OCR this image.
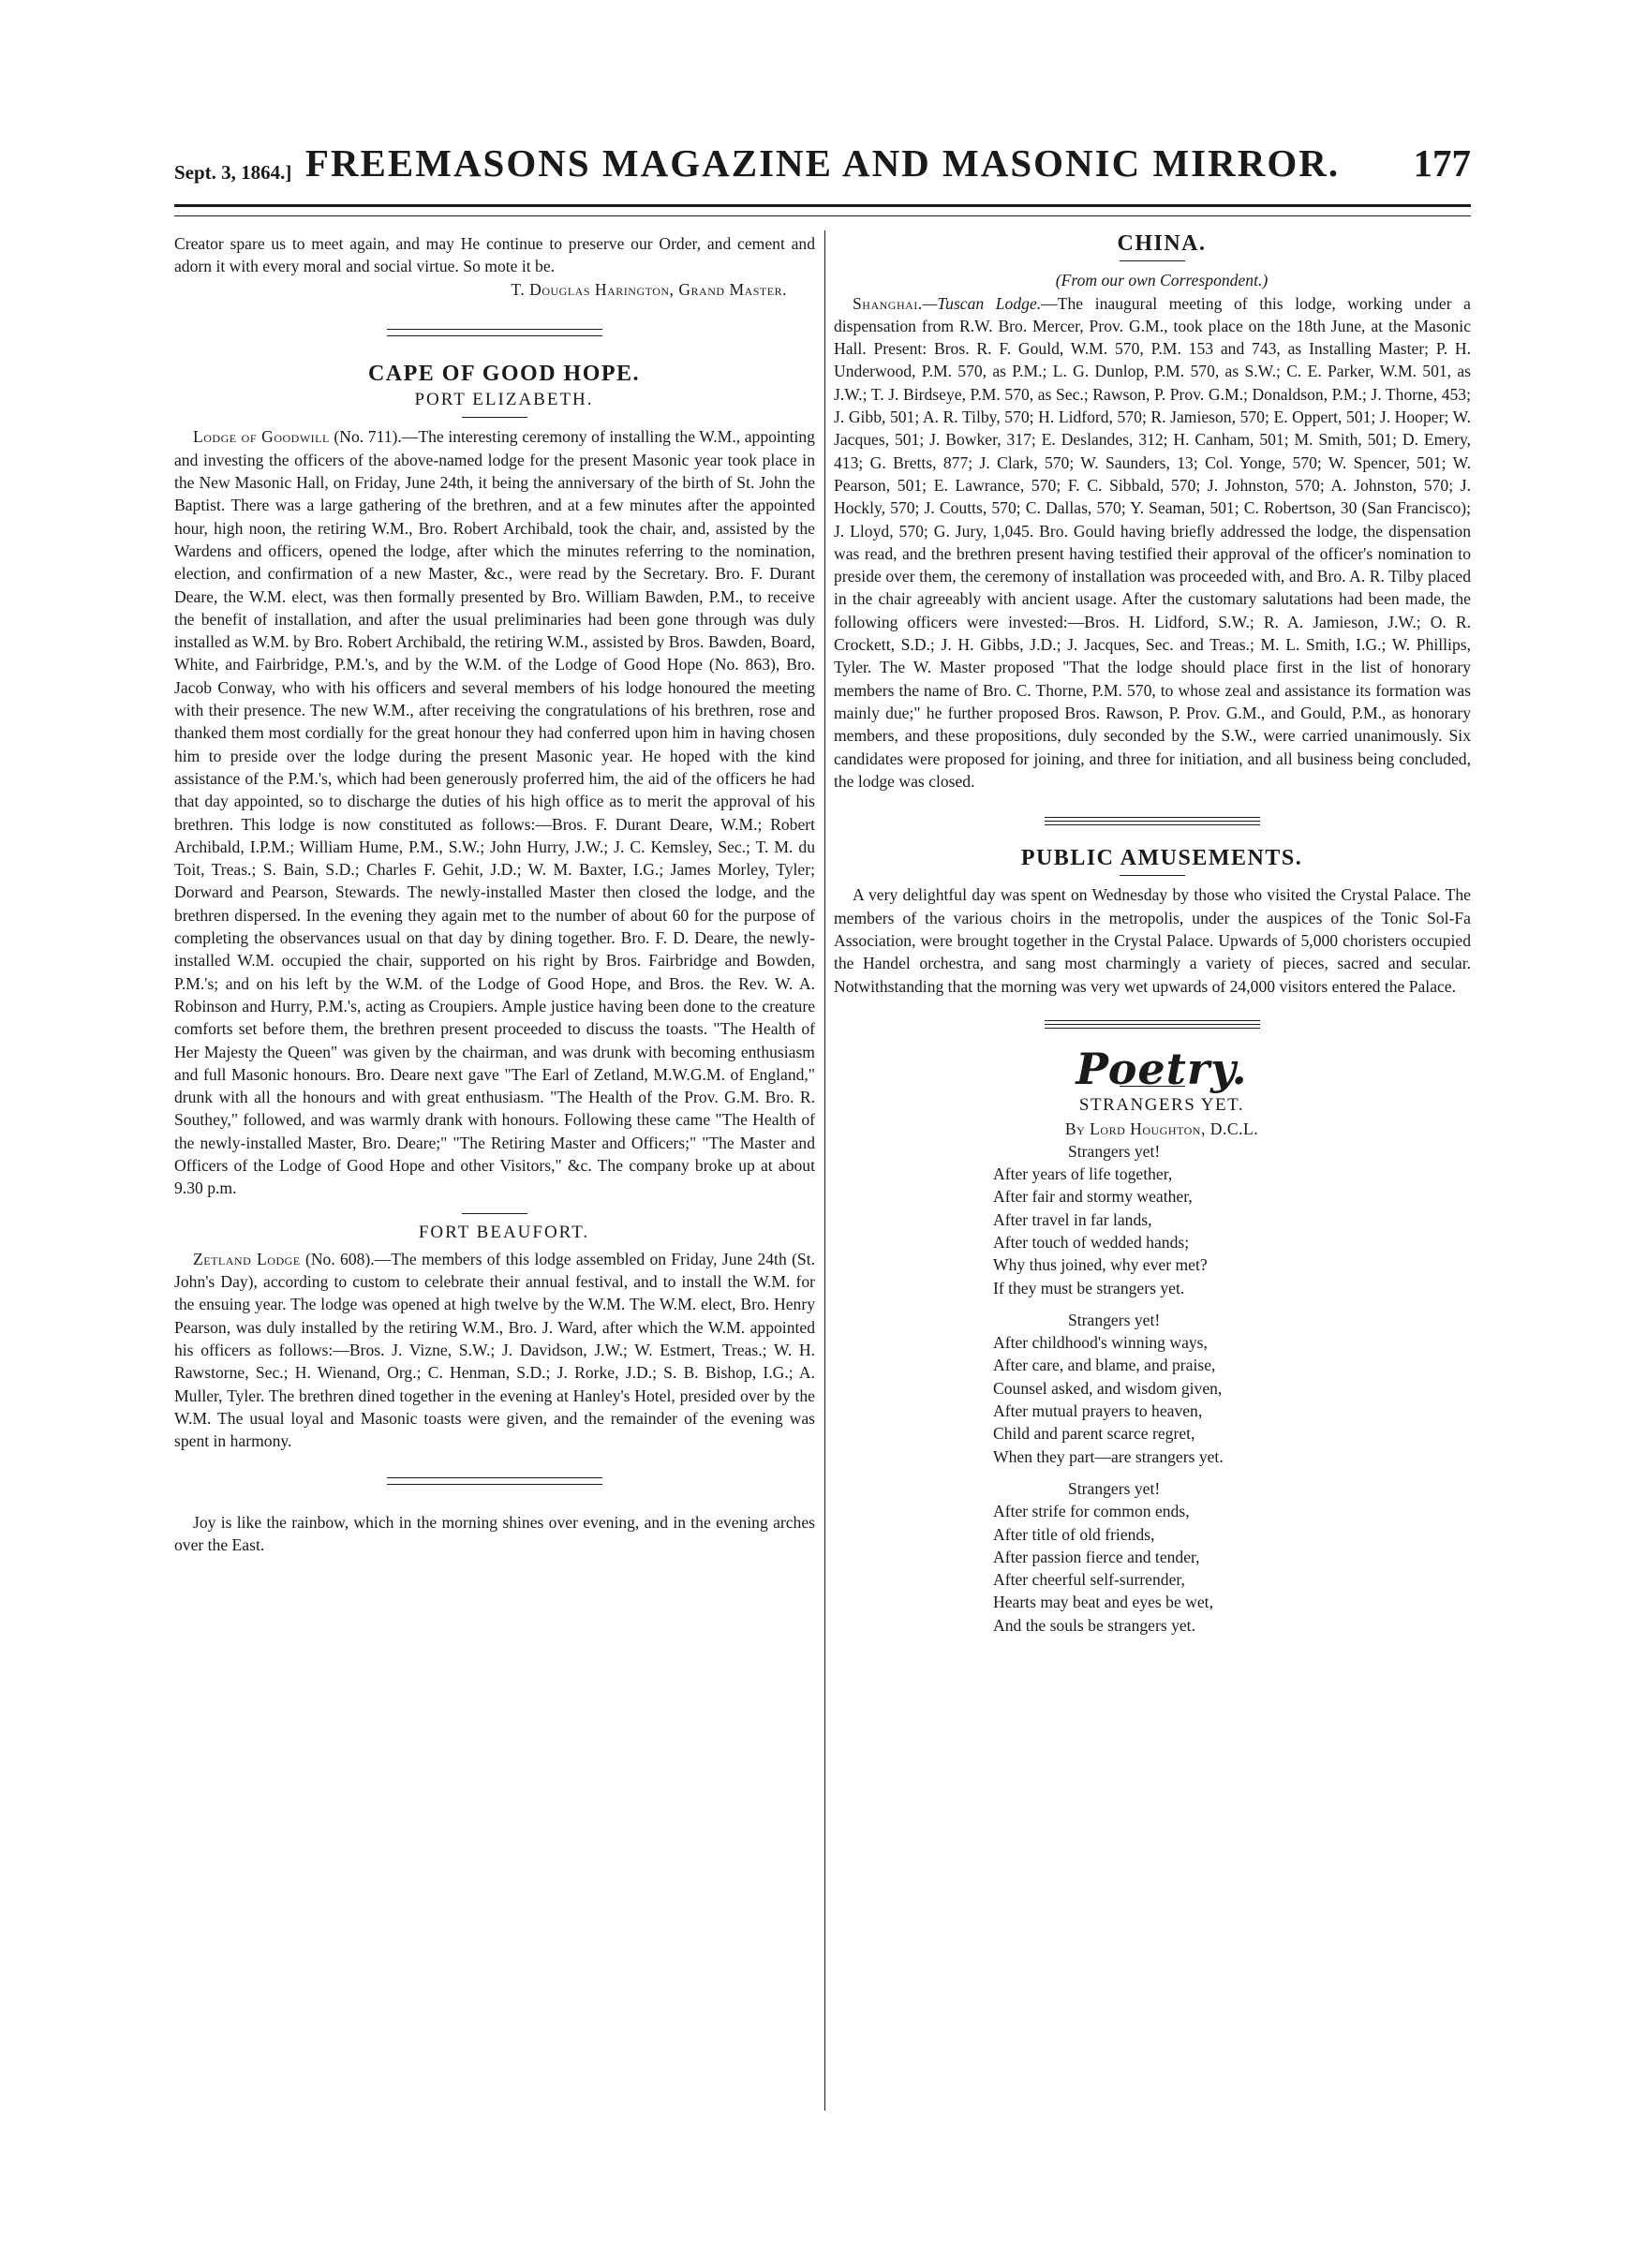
Sept. 3, 1864.] FREEMASONS MAGAZINE AND MASONIC MIRROR.	177

Creator spare us to meet again, and may He continue to preserve our Order, and cement and adorn it with every moral and social virtue. So mote it be.

T. Douglas Harington, Grand Master.

CAPE OF GOOD HOPE.

PORT ELIZABETH.

Lodge of Goodwill (No. 711).—The interesting ceremony of installing the W.M., appointing and investing the officers of the above-named lodge for the present Masonic year took place in the New Masonic Hall, on Friday, June 24th, it being the anniversary of the birth of St. John the Baptist. There was a large gathering of the brethren, and at a few minutes after the appointed hour, high noon, the retiring W.M., Bro. Robert Archibald, took the chair, and, assisted by the Wardens and officers, opened the lodge, after which the minutes referring to the nomination, election, and confirmation of a new Master, &c., were read by the Secretary. Bro. F. Durant Deare, the W.M. elect, was then formally presented by Bro. William Bawden, P.M., to receive the benefit of installation, and after the usual preliminaries had been gone through was duly installed as W.M. by Bro. Robert Archibald, the retiring W.M., assisted by Bros. Bawden, Board, White, and Fairbridge, P.M.'s, and by the W.M. of the Lodge of Good Hope (No. 863), Bro. Jacob Conway, who with his officers and several members of his lodge honoured the meeting with their presence. The new W.M., after receiving the congratulations of his brethren, rose and thanked them most cordially for the great honour they had conferred upon him in having chosen him to preside over the lodge during the present Masonic year. He hoped with the kind assistance of the P.M.'s, which had been generously proferred him, the aid of the officers he had that day appointed, so to discharge the duties of his high office as to merit the approval of his brethren. This lodge is now constituted as follows:—Bros. F. Durant Deare, W.M.; Robert Archibald, I.P.M.; William Hume, P.M., S.W.; John Hurry, J.W.; J. C. Kemsley, Sec.; T. M. du Toit, Treas.; S. Bain, S.D.; Charles F. Gehit, J.D.; W. M. Baxter, I.G.; James Morley, Tyler; Dorward and Pearson, Stewards. The newly-installed Master then closed the lodge, and the brethren dispersed. In the evening they again met to the number of about 60 for the purpose of completing the observances usual on that day by dining together. Bro. F. D. Deare, the newly-installed W.M. occupied the chair, supported on his right by Bros. Fairbridge and Bowden, P.M.'s; and on his left by the W.M. of the Lodge of Good Hope, and Bros. the Rev. W. A. Robinson and Hurry, P.M.'s, acting as Croupiers. Ample justice having been done to the creature comforts set before them, the brethren present proceeded to discuss the toasts. "The Health of Her Majesty the Queen" was given by the chairman, and was drunk with becoming enthusiasm and full Masonic honours. Bro. Deare next gave "The Earl of Zetland, M.W.G.M. of England," drunk with all the honours and with great enthusiasm. "The Health of the Prov. G.M. Bro. R. Southey," followed, and was warmly drank with honours. Following these came "The Health of the newly-installed Master, Bro. Deare;" "The Retiring Master and Officers;" "The Master and Officers of the Lodge of Good Hope and other Visitors," &c. The company broke up at about 9.30 p.m.

FORT BEAUFORT.

Zetland Lodge (No. 608).—The members of this lodge assembled on Friday, June 24th (St. John's Day), according to custom to celebrate their annual festival, and to install the W.M. for the ensuing year. The lodge was opened at high twelve by the W.M. The W.M. elect, Bro. Henry Pearson, was duly installed by the retiring W.M., Bro. J. Ward, after which the W.M. appointed his officers as follows:—Bros. J. Vizne, S.W.; J. Davidson, J.W.; W. Estmert, Treas.; W. H. Rawstorne, Sec.; H. Wienand, Org.; C. Henman, S.D.; J. Rorke, J.D.; S. B. Bishop, I.G.; A. Muller, Tyler. The brethren dined together in the evening at Hanley's Hotel, presided over by the W.M. The usual loyal and Masonic toasts were given, and the remainder of the evening was spent in harmony.

Joy is like the rainbow, which in the morning shines over evening, and in the evening arches over the East.

CHINA.

(From our own Correspondent.)

Shanghai.—Tuscan Lodge.—The inaugural meeting of this lodge, working under a dispensation from R.W. Bro. Mercer, Prov. G.M., took place on the 18th June, at the Masonic Hall. Present: Bros. R. F. Gould, W.M. 570, P.M. 153 and 743, as Installing Master; P. H. Underwood, P.M. 570, as P.M.; L. G. Dunlop, P.M. 570, as S.W.; C. E. Parker, W.M. 501, as J.W.; T. J. Birdseye, P.M. 570, as Sec.; Rawson, P. Prov. G.M.; Donaldson, P.M.; J. Thorne, 453; J. Gibb, 501; A. R. Tilby, 570; H. Lidford, 570; R. Jamieson, 570; E. Oppert, 501; J. Hooper; W. Jacques, 501; J. Bowker, 317; E. Deslandes, 312; H. Canham, 501; M. Smith, 501; D. Emery, 413; G. Bretts, 877; J. Clark, 570; W. Saunders, 13; Col. Yonge, 570; W. Spencer, 501; W. Pearson, 501; E. Lawrance, 570; F. C. Sibbald, 570; J. Johnston, 570; A. Johnston, 570; J. Hockly, 570; J. Coutts, 570; C. Dallas, 570; Y. Seaman, 501; C. Robertson, 30 (San Francisco); J. Lloyd, 570; G. Jury, 1,045. Bro. Gould having briefly addressed the lodge, the dispensation was read, and the brethren present having testified their approval of the officer's nomination to preside over them, the ceremony of installation was proceeded with, and Bro. A. R. Tilby placed in the chair agreeably with ancient usage. After the customary salutations had been made, the following officers were invested:—Bros. H. Lidford, S.W.; R. A. Jamieson, J.W.; O. R. Crockett, S.D.; J. H. Gibbs, J.D.; J. Jacques, Sec. and Treas.; M. L. Smith, I.G.; W. Phillips, Tyler. The W. Master proposed "That the lodge should place first in the list of honorary members the name of Bro. C. Thorne, P.M. 570, to whose zeal and assistance its formation was mainly due;" he further proposed Bros. Rawson, P. Prov. G.M., and Gould, P.M., as honorary members, and these propositions, duly seconded by the S.W., were carried unanimously. Six candidates were proposed for joining, and three for initiation, and all business being concluded, the lodge was closed.

PUBLIC AMUSEMENTS.

A very delightful day was spent on Wednesday by those who visited the Crystal Palace. The members of the various choirs in the metropolis, under the auspices of the Tonic Sol-Fa Association, were brought together in the Crystal Palace. Upwards of 5,000 choristers occupied the Handel orchestra, and sang most charmingly a variety of pieces, sacred and secular. Notwithstanding that the morning was very wet upwards of 24,000 visitors entered the Palace.

Poetry.

STRANGERS YET.

By Lord Houghton, D.C.L.

Strangers yet!

After years of life together,

After fair and stormy weather,

After travel in far lands,

After touch of wedded hands;

Why thus joined, why ever met?

If they must be strangers yet.

Strangers yet!

After childhood's winning ways,

After care, and blame, and praise,

Counsel asked, and wisdom given,

After mutual prayers to heaven,

Child and parent scarce regret,

When they part—are strangers yet.

Strangers yet!

After strife for common ends,

After title of old friends,

After passion fierce and tender,

After cheerful self-surrender,

Hearts may beat and eyes be wet,

And the souls be strangers yet.
